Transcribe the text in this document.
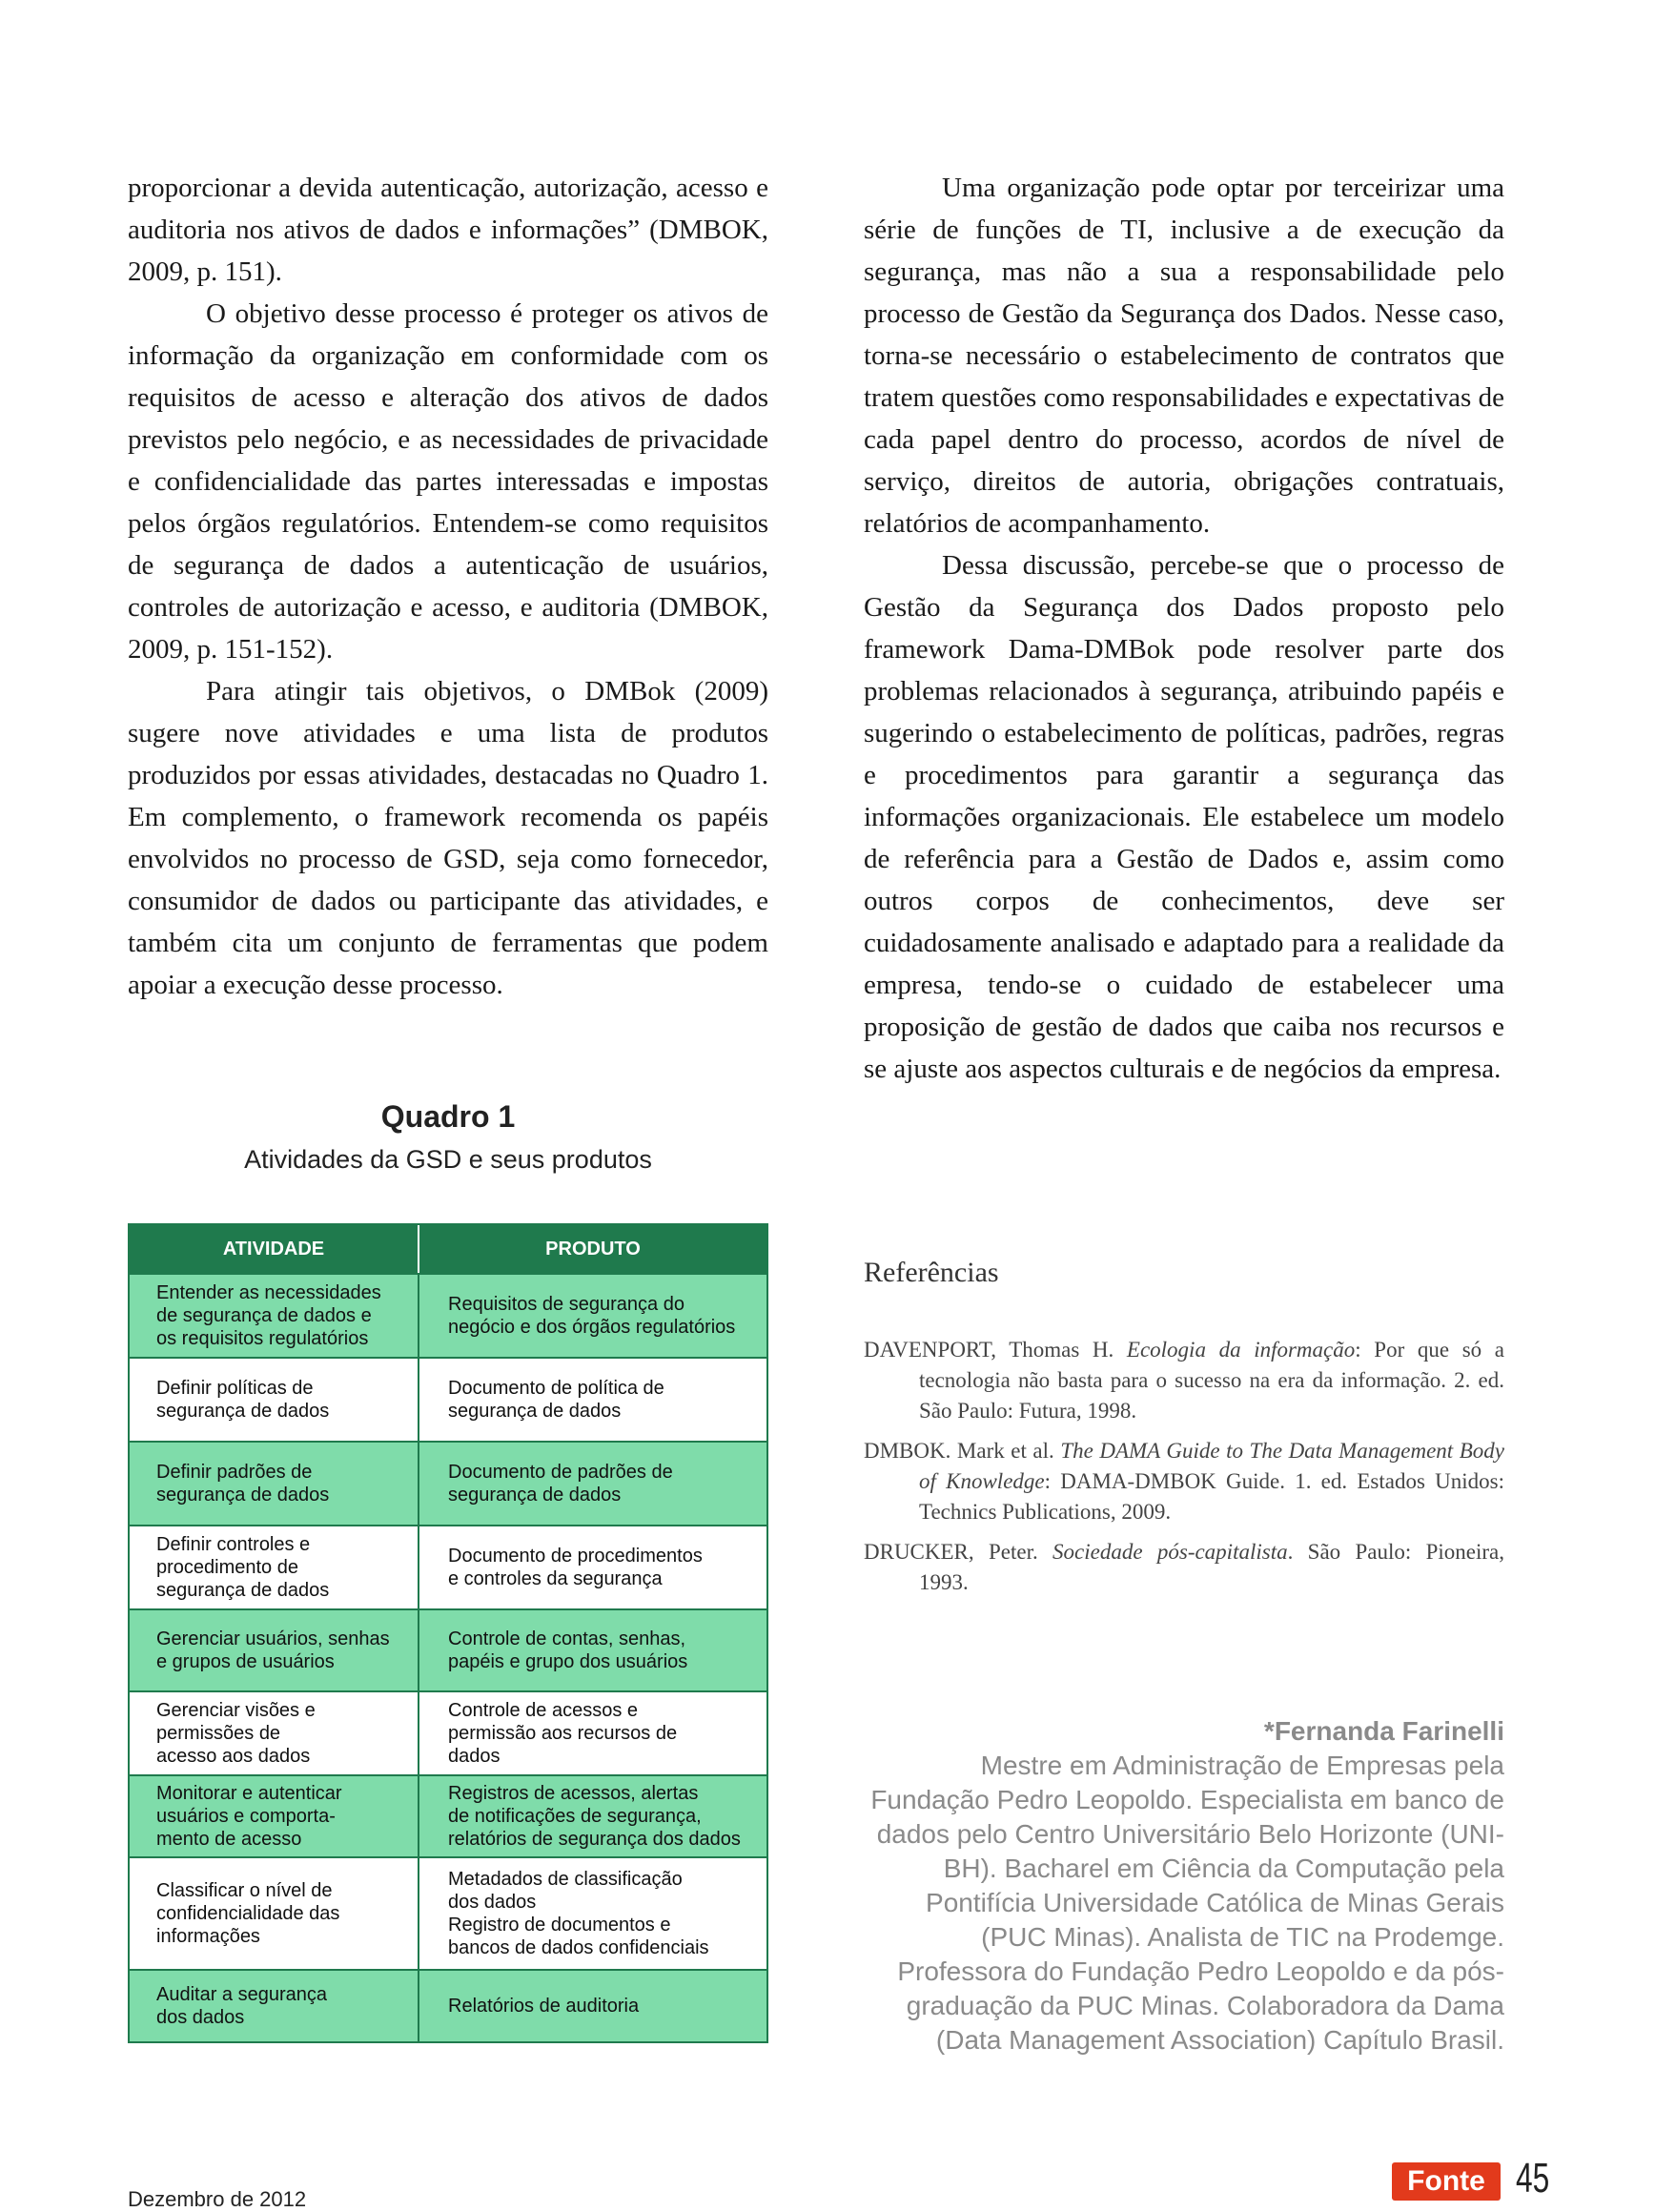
proporcionar a devida autenticação, autorização, acesso e auditoria nos ativos de dados e informações” (DMBOK, 2009, p. 151).

O objetivo desse processo é proteger os ativos de informação da organização em conformidade com os requisitos de acesso e alteração dos ativos de dados previstos pelo negócio, e as necessidades de privacidade e confidencialidade das partes interessadas e impostas pelos órgãos regulatórios. Entendem-se como requisitos de segurança de dados a autenticação de usuários, controles de autorização e acesso, e auditoria (DMBOK, 2009, p. 151-152).

Para atingir tais objetivos, o DMBok (2009) sugere nove atividades e uma lista de produtos produzidos por essas atividades, destacadas no Quadro 1. Em complemento, o framework recomenda os papéis envolvidos no processo de GSD, seja como fornecedor, consumidor de dados ou participante das atividades, e também cita um conjunto de ferramentas que podem apoiar a execução desse processo.

Quadro 1
Atividades da GSD e seus produtos
ATIVIDADE	PRODUTO
Entender as necessidades
de segurança de dados e
os requisitos regulatórios
Requisitos de segurança do
negócio e dos órgãos regulatórios
Definir políticas de
segurança de dados
Documento de política de
segurança de dados
Definir padrões de
segurança de dados
Documento de padrões de
segurança de dados
Definir controles e
procedimento de
segurança de dados
Documento de procedimentos
e controles da segurança
Gerenciar usuários, senhas
e grupos de usuários
Controle de contas, senhas,
papéis e grupo dos usuários
Gerenciar visões e
permissões de
acesso aos dados
Controle de acessos e
permissão aos recursos de
dados
Monitorar e autenticar
usuários e comporta-
mento de acesso
Registros de acessos, alertas
de notificações de segurança,
relatórios de segurança dos dados
Classificar o nível de
confidencialidade das
informações
Metadados de classificação
dos dados
Registro de documentos e
bancos de dados confidenciais
Auditar a segurança
dos dados
Relatórios de auditoria

Uma organização pode optar por terceirizar uma série de funções de TI, inclusive a de execução da segurança, mas não a sua a responsabilidade pelo processo de Gestão da Segurança dos Dados. Nesse caso, torna-se necessário o estabelecimento de contratos que tratem questões como responsabilidades e expectativas de cada papel dentro do processo, acordos de nível de serviço, direitos de autoria, obrigações contratuais, relatórios de acompanhamento.

Dessa discussão, percebe-se que o processo de Gestão da Segurança dos Dados proposto pelo framework Dama-DMBok pode resolver parte dos problemas relacionados à segurança, atribuindo papéis e sugerindo o estabelecimento de políticas, padrões, regras e procedimentos para garantir a segurança das informações organizacionais. Ele estabelece um modelo de referência para a Gestão de Dados e, assim como outros corpos de conhecimentos, deve ser cuidadosamente analisado e adaptado para a realidade da empresa, tendo-se o cuidado de estabelecer uma proposição de gestão de dados que caiba nos recursos e se ajuste aos aspectos culturais e de negócios da empresa.

Referências
DAVENPORT, Thomas H. Ecologia da informação: Por que só a tecnologia não basta para o sucesso na era da informação. 2. ed. São Paulo: Futura, 1998.
DMBOK. Mark et al. The DAMA Guide to The Data Management Body of Knowledge: DAMA-DMBOK Guide. 1. ed. Estados Unidos: Technics Publications, 2009.
DRUCKER, Peter. Sociedade pós-capitalista. São Paulo: Pioneira, 1993.
*Fernanda Farinelli
Mestre em Administração de Empresas pela Fundação Pedro Leopoldo. Especialista em banco de dados pelo Centro Universitário Belo Horizonte (UNI-BH). Bacharel em Ciência da Computação pela Pontifícia Universidade Católica de Minas Gerais (PUC Minas). Analista de TIC na Prodemge. Professora do Fundação Pedro Leopoldo e da pós-graduação da PUC Minas. Colaboradora da Dama (Data Management Association) Capítulo Brasil.
Dezembro de 2012
Fonte 45
